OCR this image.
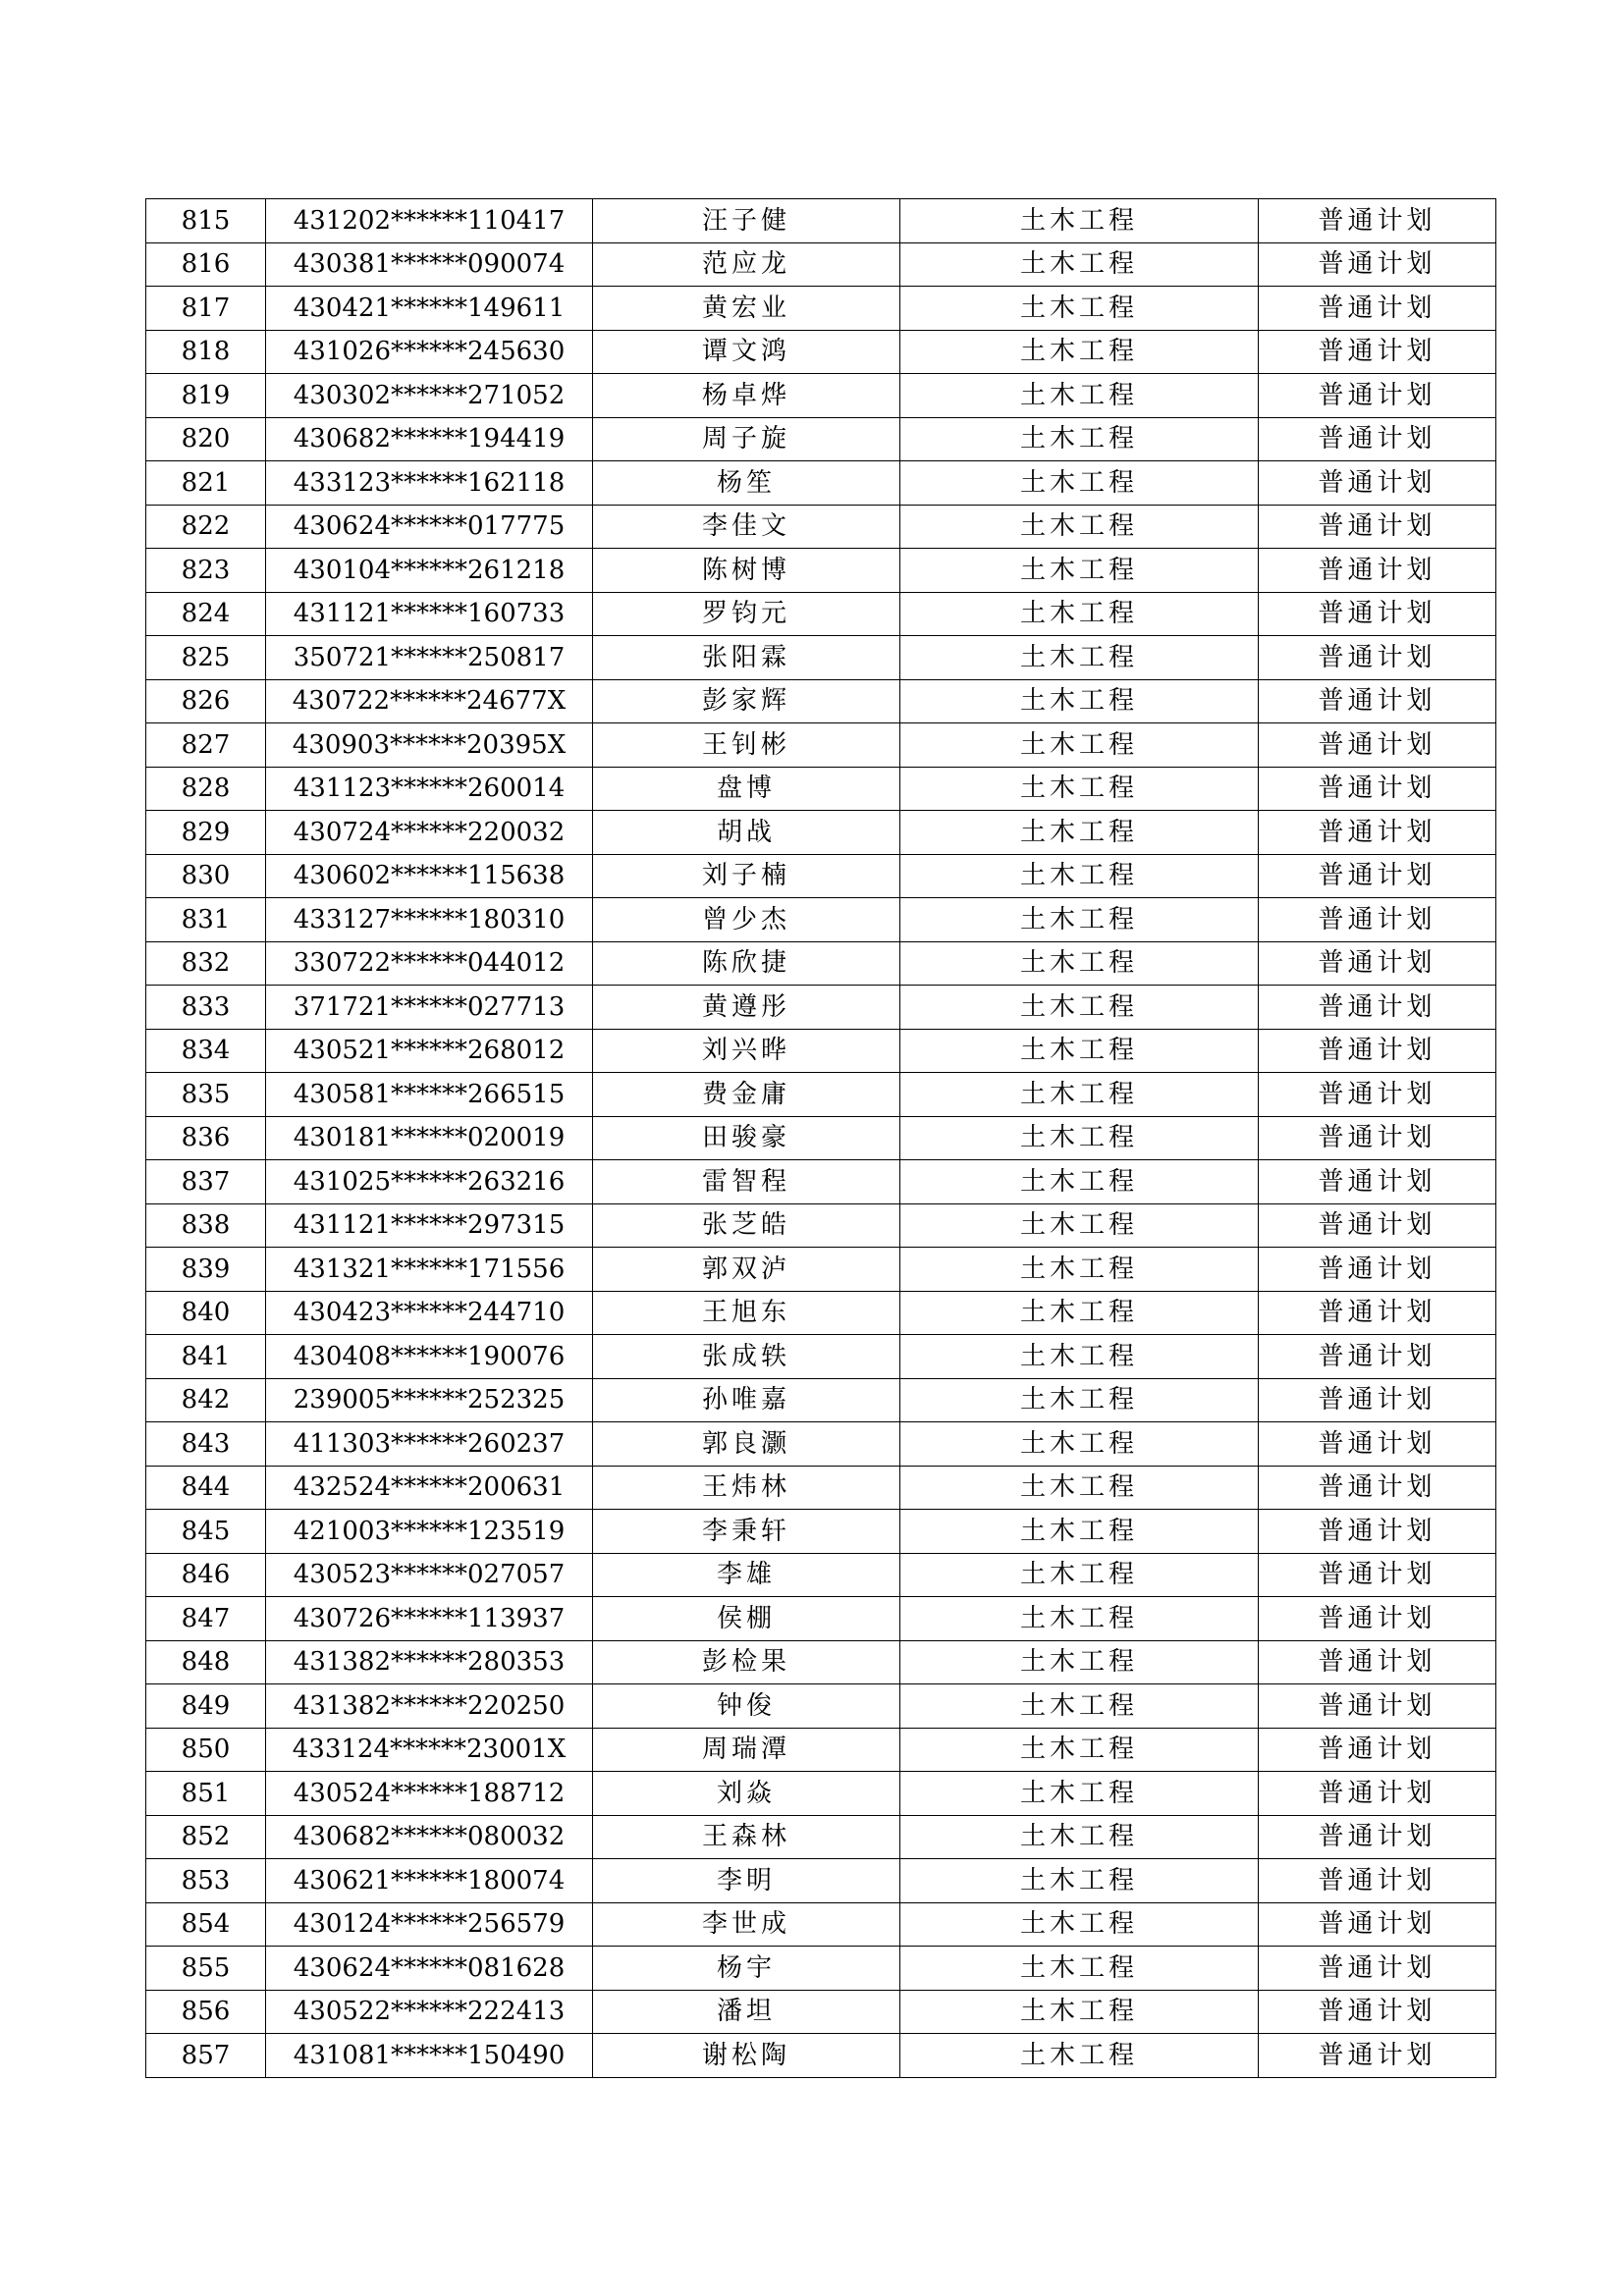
815	431202******110417	汪子健	土木工程	普通计划
816	430381******090074	范应龙	土木工程	普通计划
817	430421******149611	黄宏业	土木工程	普通计划
818	431026******245630	谭文鸿	土木工程	普通计划
819	430302******271052	杨卓烨	土木工程	普通计划
820	430682******194419	周子旋	土木工程	普通计划
821	433123******162118	杨笙	土木工程	普通计划
822	430624******017775	李佳文	土木工程	普通计划
823	430104******261218	陈树博	土木工程	普通计划
824	431121******160733	罗钧元	土木工程	普通计划
825	350721******250817	张阳霖	土木工程	普通计划
826	430722******24677X	彭家辉	土木工程	普通计划
827	430903******20395X	王钊彬	土木工程	普通计划
828	431123******260014	盘博	土木工程	普通计划
829	430724******220032	胡战	土木工程	普通计划
830	430602******115638	刘子楠	土木工程	普通计划
831	433127******180310	曾少杰	土木工程	普通计划
832	330722******044012	陈欣捷	土木工程	普通计划
833	371721******027713	黄遵彤	土木工程	普通计划
834	430521******268012	刘兴晔	土木工程	普通计划
835	430581******266515	费金庸	土木工程	普通计划
836	430181******020019	田骏豪	土木工程	普通计划
837	431025******263216	雷智程	土木工程	普通计划
838	431121******297315	张芝皓	土木工程	普通计划
839	431321******171556	郭双泸	土木工程	普通计划
840	430423******244710	王旭东	土木工程	普通计划
841	430408******190076	张成轶	土木工程	普通计划
842	239005******252325	孙唯嘉	土木工程	普通计划
843	411303******260237	郭良灏	土木工程	普通计划
844	432524******200631	王炜林	土木工程	普通计划
845	421003******123519	李秉轩	土木工程	普通计划
846	430523******027057	李雄	土木工程	普通计划
847	430726******113937	侯棚	土木工程	普通计划
848	431382******280353	彭检果	土木工程	普通计划
849	431382******220250	钟俊	土木工程	普通计划
850	433124******23001X	周瑞潭	土木工程	普通计划
851	430524******188712	刘焱	土木工程	普通计划
852	430682******080032	王森林	土木工程	普通计划
853	430621******180074	李明	土木工程	普通计划
854	430124******256579	李世成	土木工程	普通计划
855	430624******081628	杨宇	土木工程	普通计划
856	430522******222413	潘坦	土木工程	普通计划
857	431081******150490	谢松陶	土木工程	普通计划
